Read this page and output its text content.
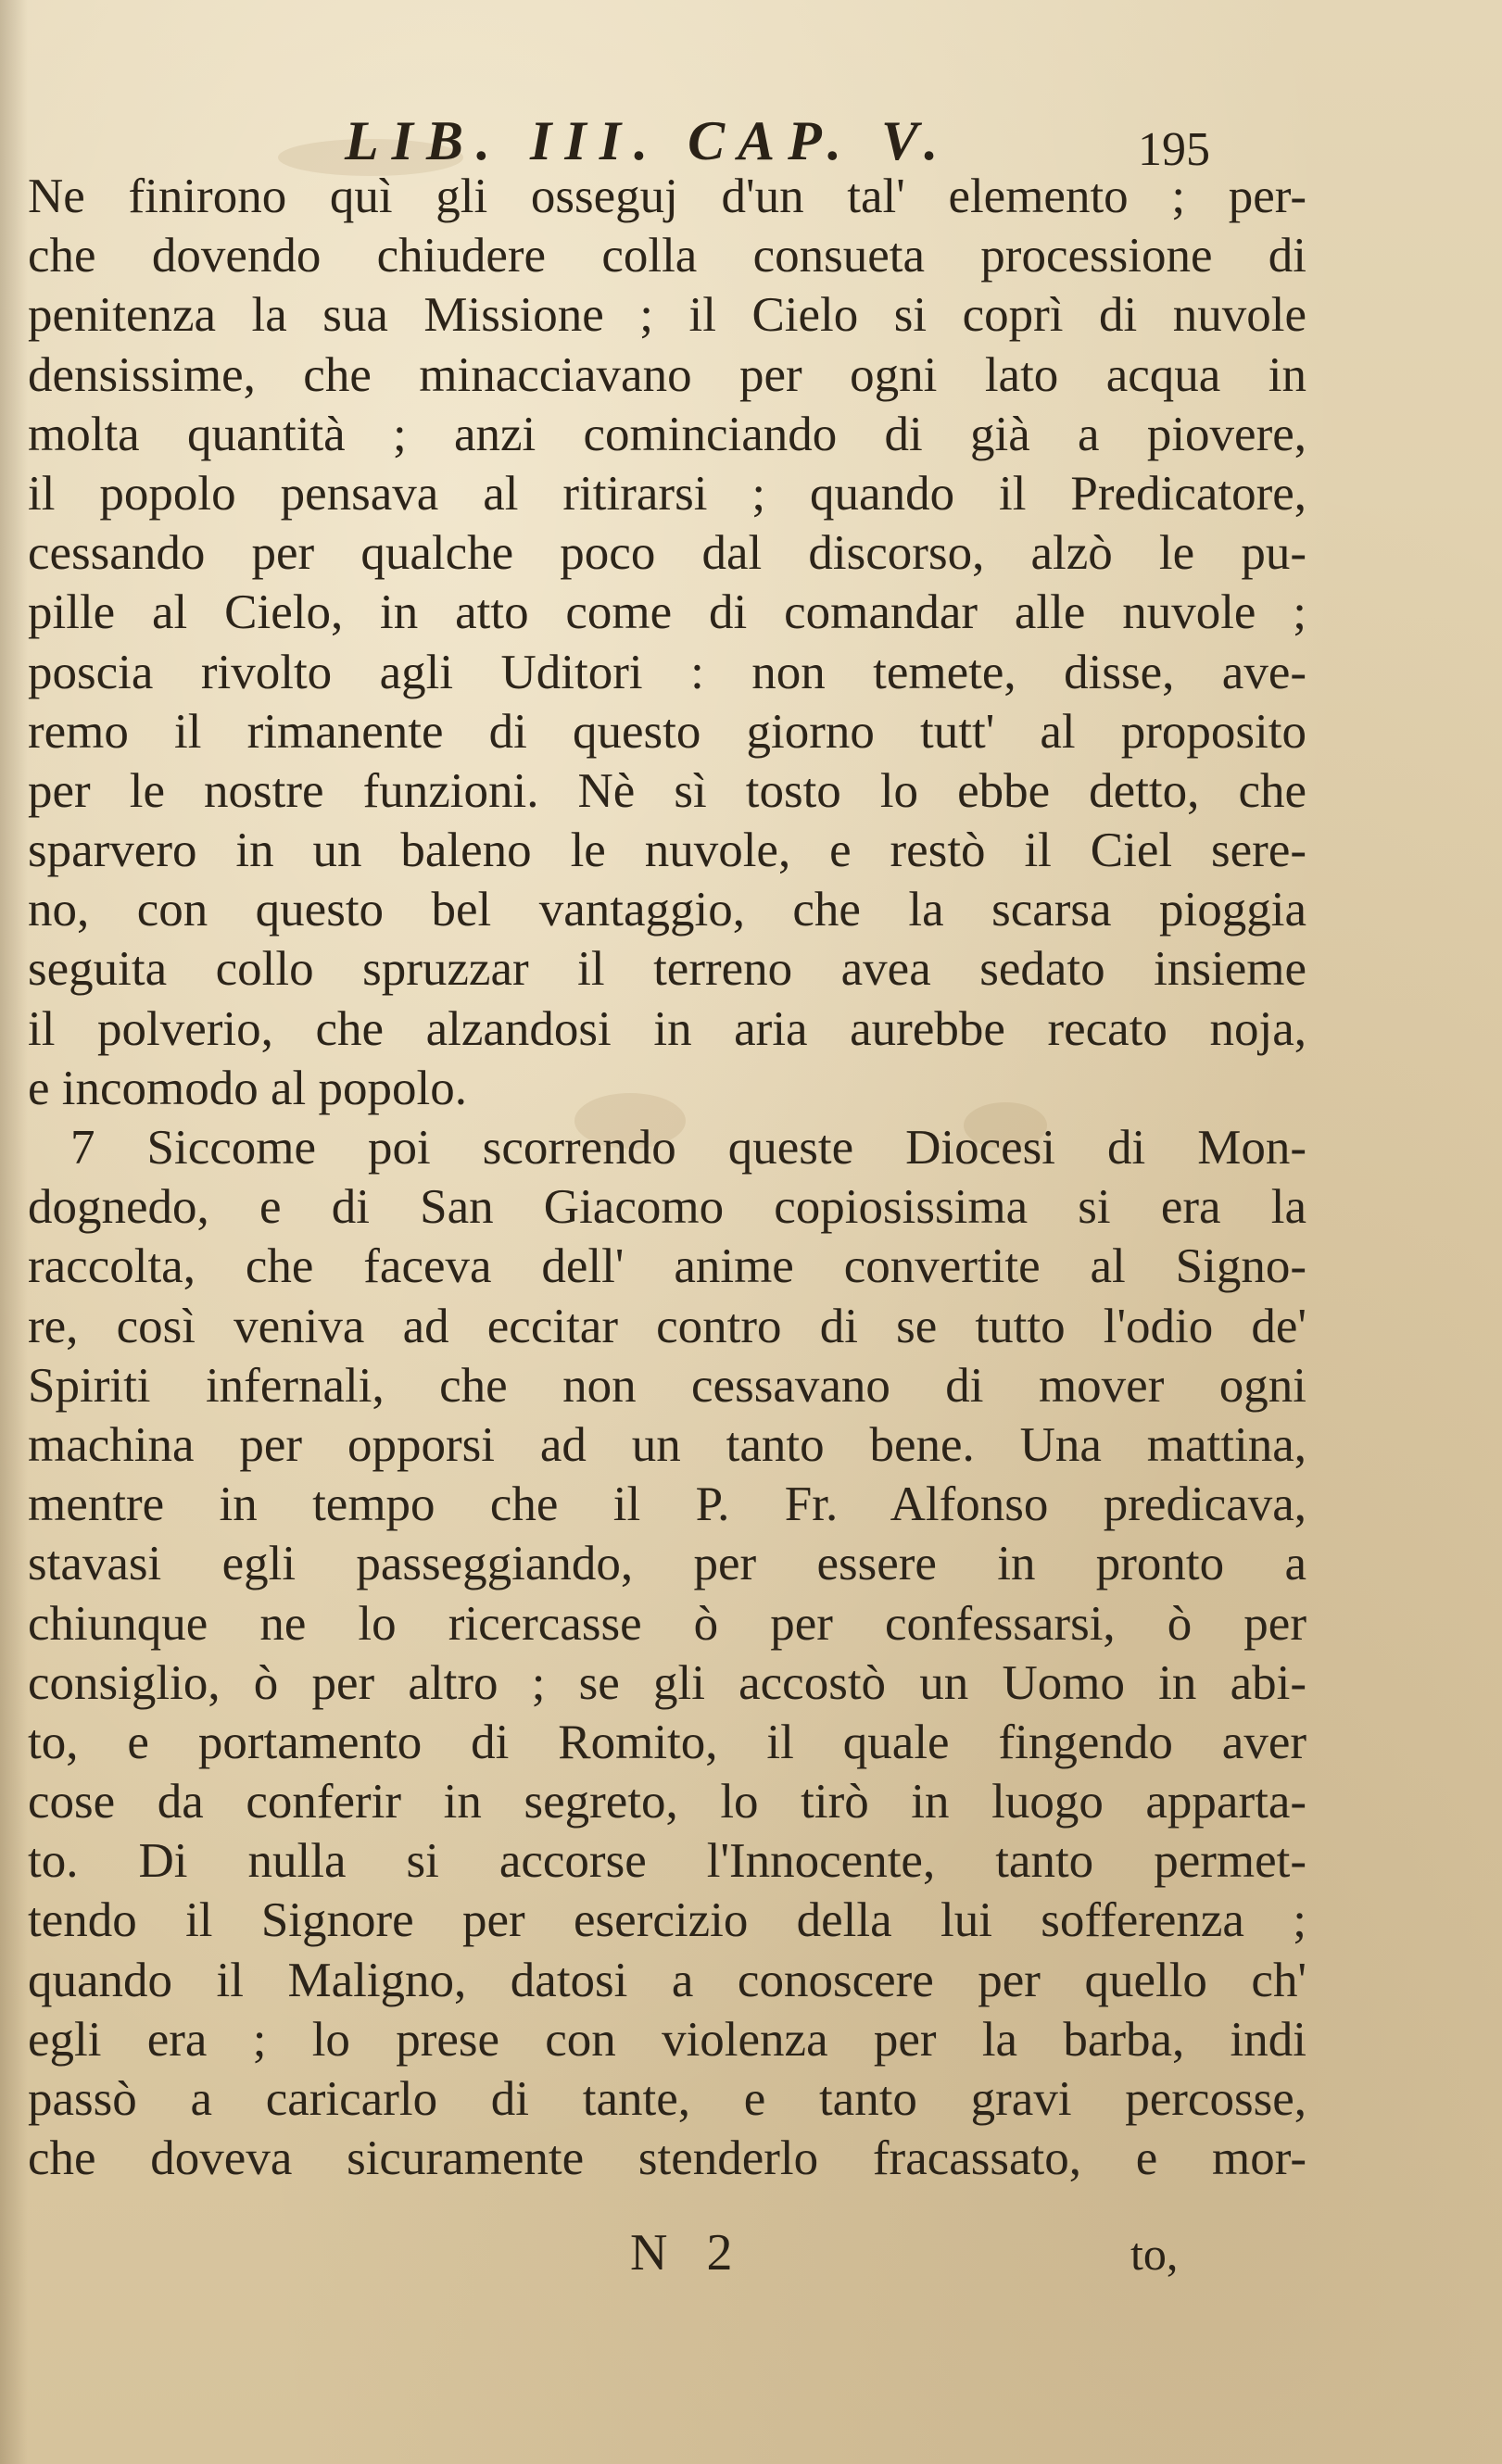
LIB. III. CAP. V.	195
Ne finirono quì gli osseguj d'un tal' elemento ; per-
che dovendo chiudere colla consueta processione di
penitenza la sua Missione ; il Cielo si coprì di nuvole
densissime, che minacciavano per ogni lato acqua in
molta quantità ; anzi cominciando di già a piovere,
il popolo pensava al ritirarsi ; quando il Predicatore,
cessando per qualche poco dal discorso, alzò le pu-
pille al Cielo, in atto come di comandar alle nuvole ;
poscia rivolto agli Uditori : non temete, disse, ave-
remo il rimanente di questo giorno tutt' al proposito
per le nostre funzioni. Nè sì tosto lo ebbe detto, che
sparvero in un baleno le nuvole, e restò il Ciel sere-
no, con questo bel vantaggio, che la scarsa pioggia
seguita collo spruzzar il terreno avea sedato insieme
il polverio, che alzandosi in aria aurebbe recato noja,
e incomodo al popolo.
7 Siccome poi scorrendo queste Diocesi di Mon-
dognedo, e di San Giacomo copiosissima si era la
raccolta, che faceva dell' anime convertite al Signo-
re, così veniva ad eccitar contro di se tutto l'odio de'
Spiriti infernali, che non cessavano di mover ogni
machina per opporsi ad un tanto bene. Una mattina,
mentre in tempo che il P. Fr. Alfonso predicava,
stavasi egli passeggiando, per essere in pronto a
chiunque ne lo ricercasse ò per confessarsi, ò per
consiglio, ò per altro ; se gli accostò un Uomo in abi-
to, e portamento di Romito, il quale fingendo aver
cose da conferir in segreto, lo tirò in luogo apparta-
to. Di nulla si accorse l'Innocente, tanto permet-
tendo il Signore per esercizio della lui sofferenza ;
quando il Maligno, datosi a conoscere per quello ch'
egli era ; lo prese con violenza per la barba, indi
passò a caricarlo di tante, e tanto gravi percosse,
che doveva sicuramente stenderlo fracassato, e mor-
N 2	to,
